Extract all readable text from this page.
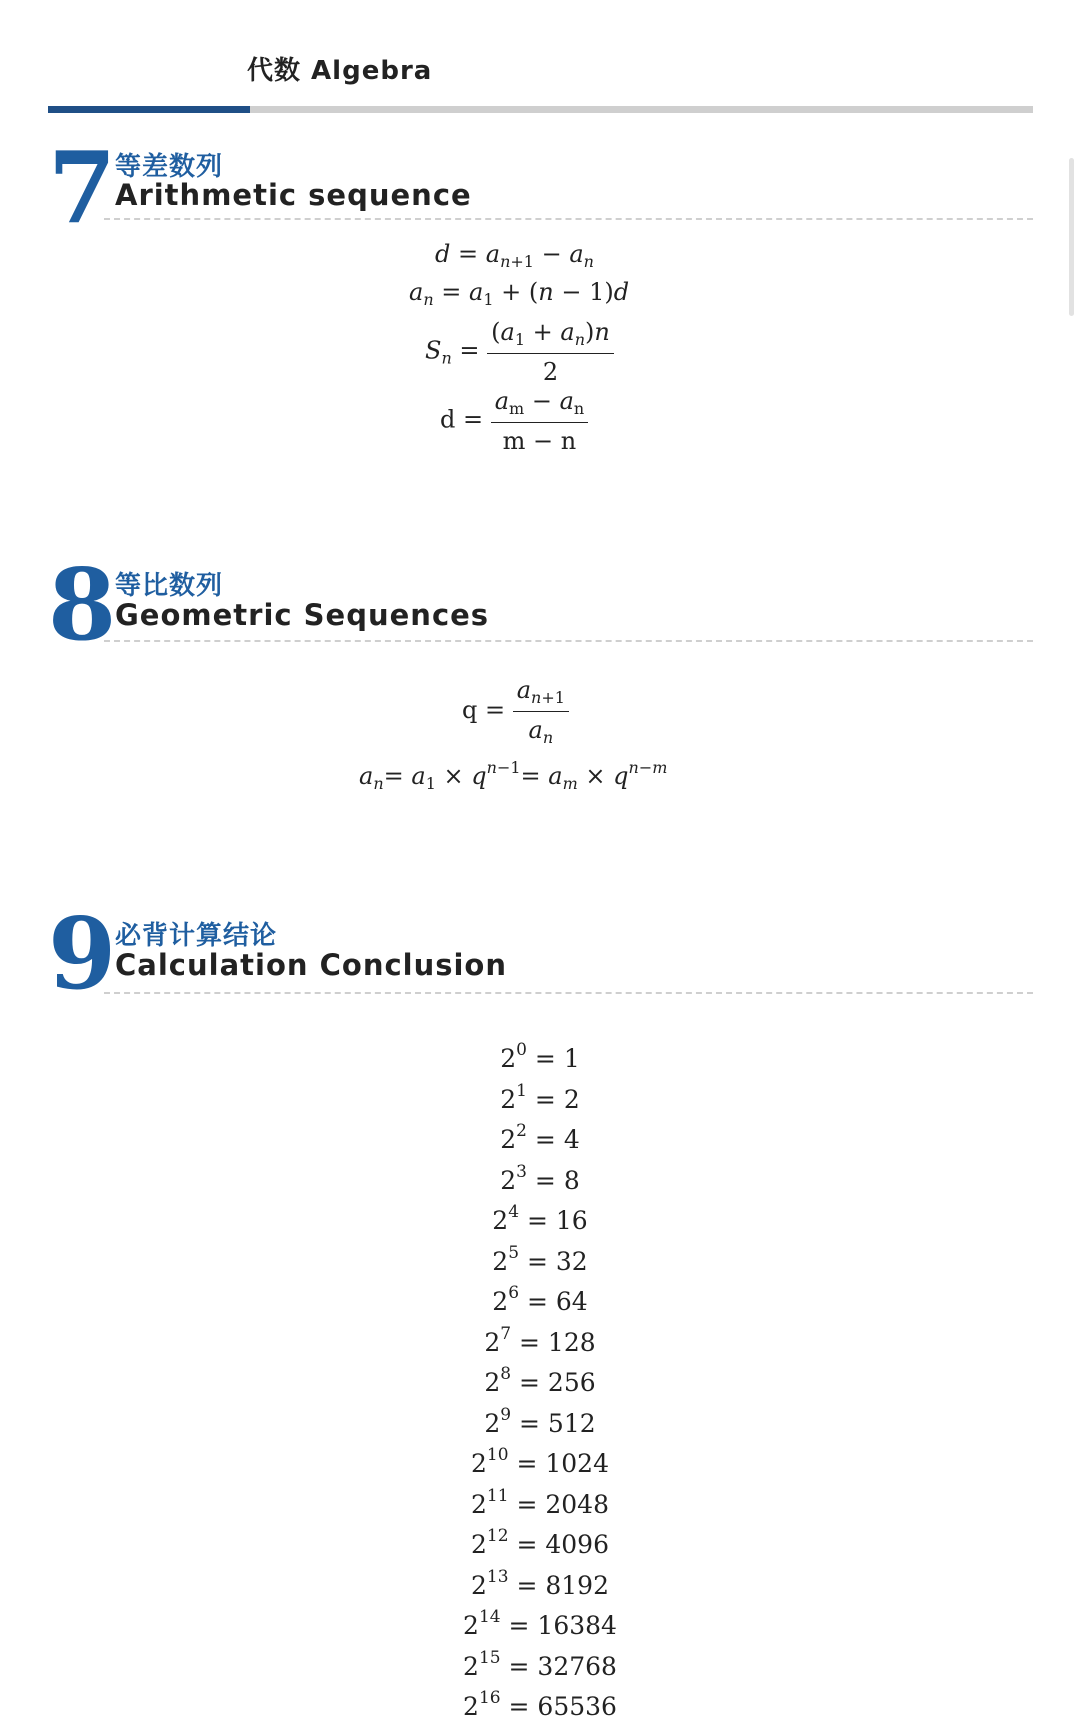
代数 Algebra
7
等差数列
Arithmetic sequence
$d = a_{n+1} - a_n$
$a_n = a_1 + (n - 1)d$
$S_n = \frac{(a_1 + a_n)n}{2}$
$d = \frac{a_m - a_n}{m - n}$
8
等比数列
Geometric Sequences
$q = \frac{a_{n+1}}{a_n}$
$a_n= a_1 \times q^{n-1}= a_m \times q^{n-m}$
9
必背计算结论
Calculation Conclusion
$2^0 = 1$
$2^1 = 2$
$2^2 = 4$
$2^3 = 8$
$2^4 = 16$
$2^5 = 32$
$2^6 = 64$
$2^7 = 128$
$2^8 = 256$
$2^9 = 512$
$2^{10} = 1024$
$2^{11} = 2048$
$2^{12} = 4096$
$2^{13} = 8192$
$2^{14} = 16384$
$2^{15} = 32768$
$2^{16} = 65536$
